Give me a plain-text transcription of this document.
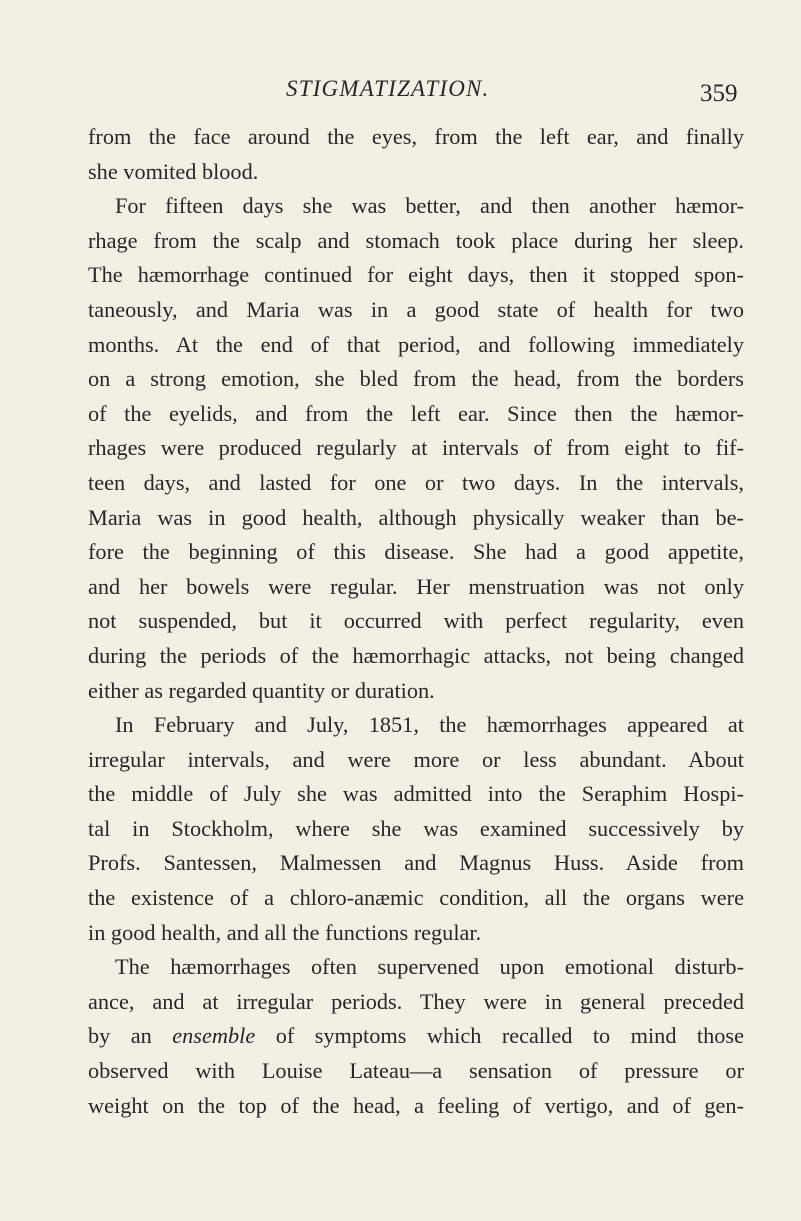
STIGMATIZATION.	359
from the face around the eyes, from the left ear, and finally
she vomited blood.
For fifteen days she was better, and then another hæmor-
rhage from the scalp and stomach took place during her sleep.
The hæmorrhage continued for eight days, then it stopped spon-
taneously, and Maria was in a good state of health for two
months. At the end of that period, and following immediately
on a strong emotion, she bled from the head, from the borders
of the eyelids, and from the left ear. Since then the hæmor-
rhages were produced regularly at intervals of from eight to fif-
teen days, and lasted for one or two days. In the intervals,
Maria was in good health, although physically weaker than be-
fore the beginning of this disease. She had a good appetite,
and her bowels were regular. Her menstruation was not only
not suspended, but it occurred with perfect regularity, even
during the periods of the hæmorrhagic attacks, not being changed
either as regarded quantity or duration.
In February and July, 1851, the hæmorrhages appeared at
irregular intervals, and were more or less abundant. About
the middle of July she was admitted into the Seraphim Hospi-
tal in Stockholm, where she was examined successively by
Profs. Santessen, Malmessen and Magnus Huss. Aside from
the existence of a chloro-anæmic condition, all the organs were
in good health, and all the functions regular.
The hæmorrhages often supervened upon emotional disturb-
ance, and at irregular periods. They were in general preceded
by an ensemble of symptoms which recalled to mind those
observed with Louise Lateau—a sensation of pressure or
weight on the top of the head, a feeling of vertigo, and of gen-
